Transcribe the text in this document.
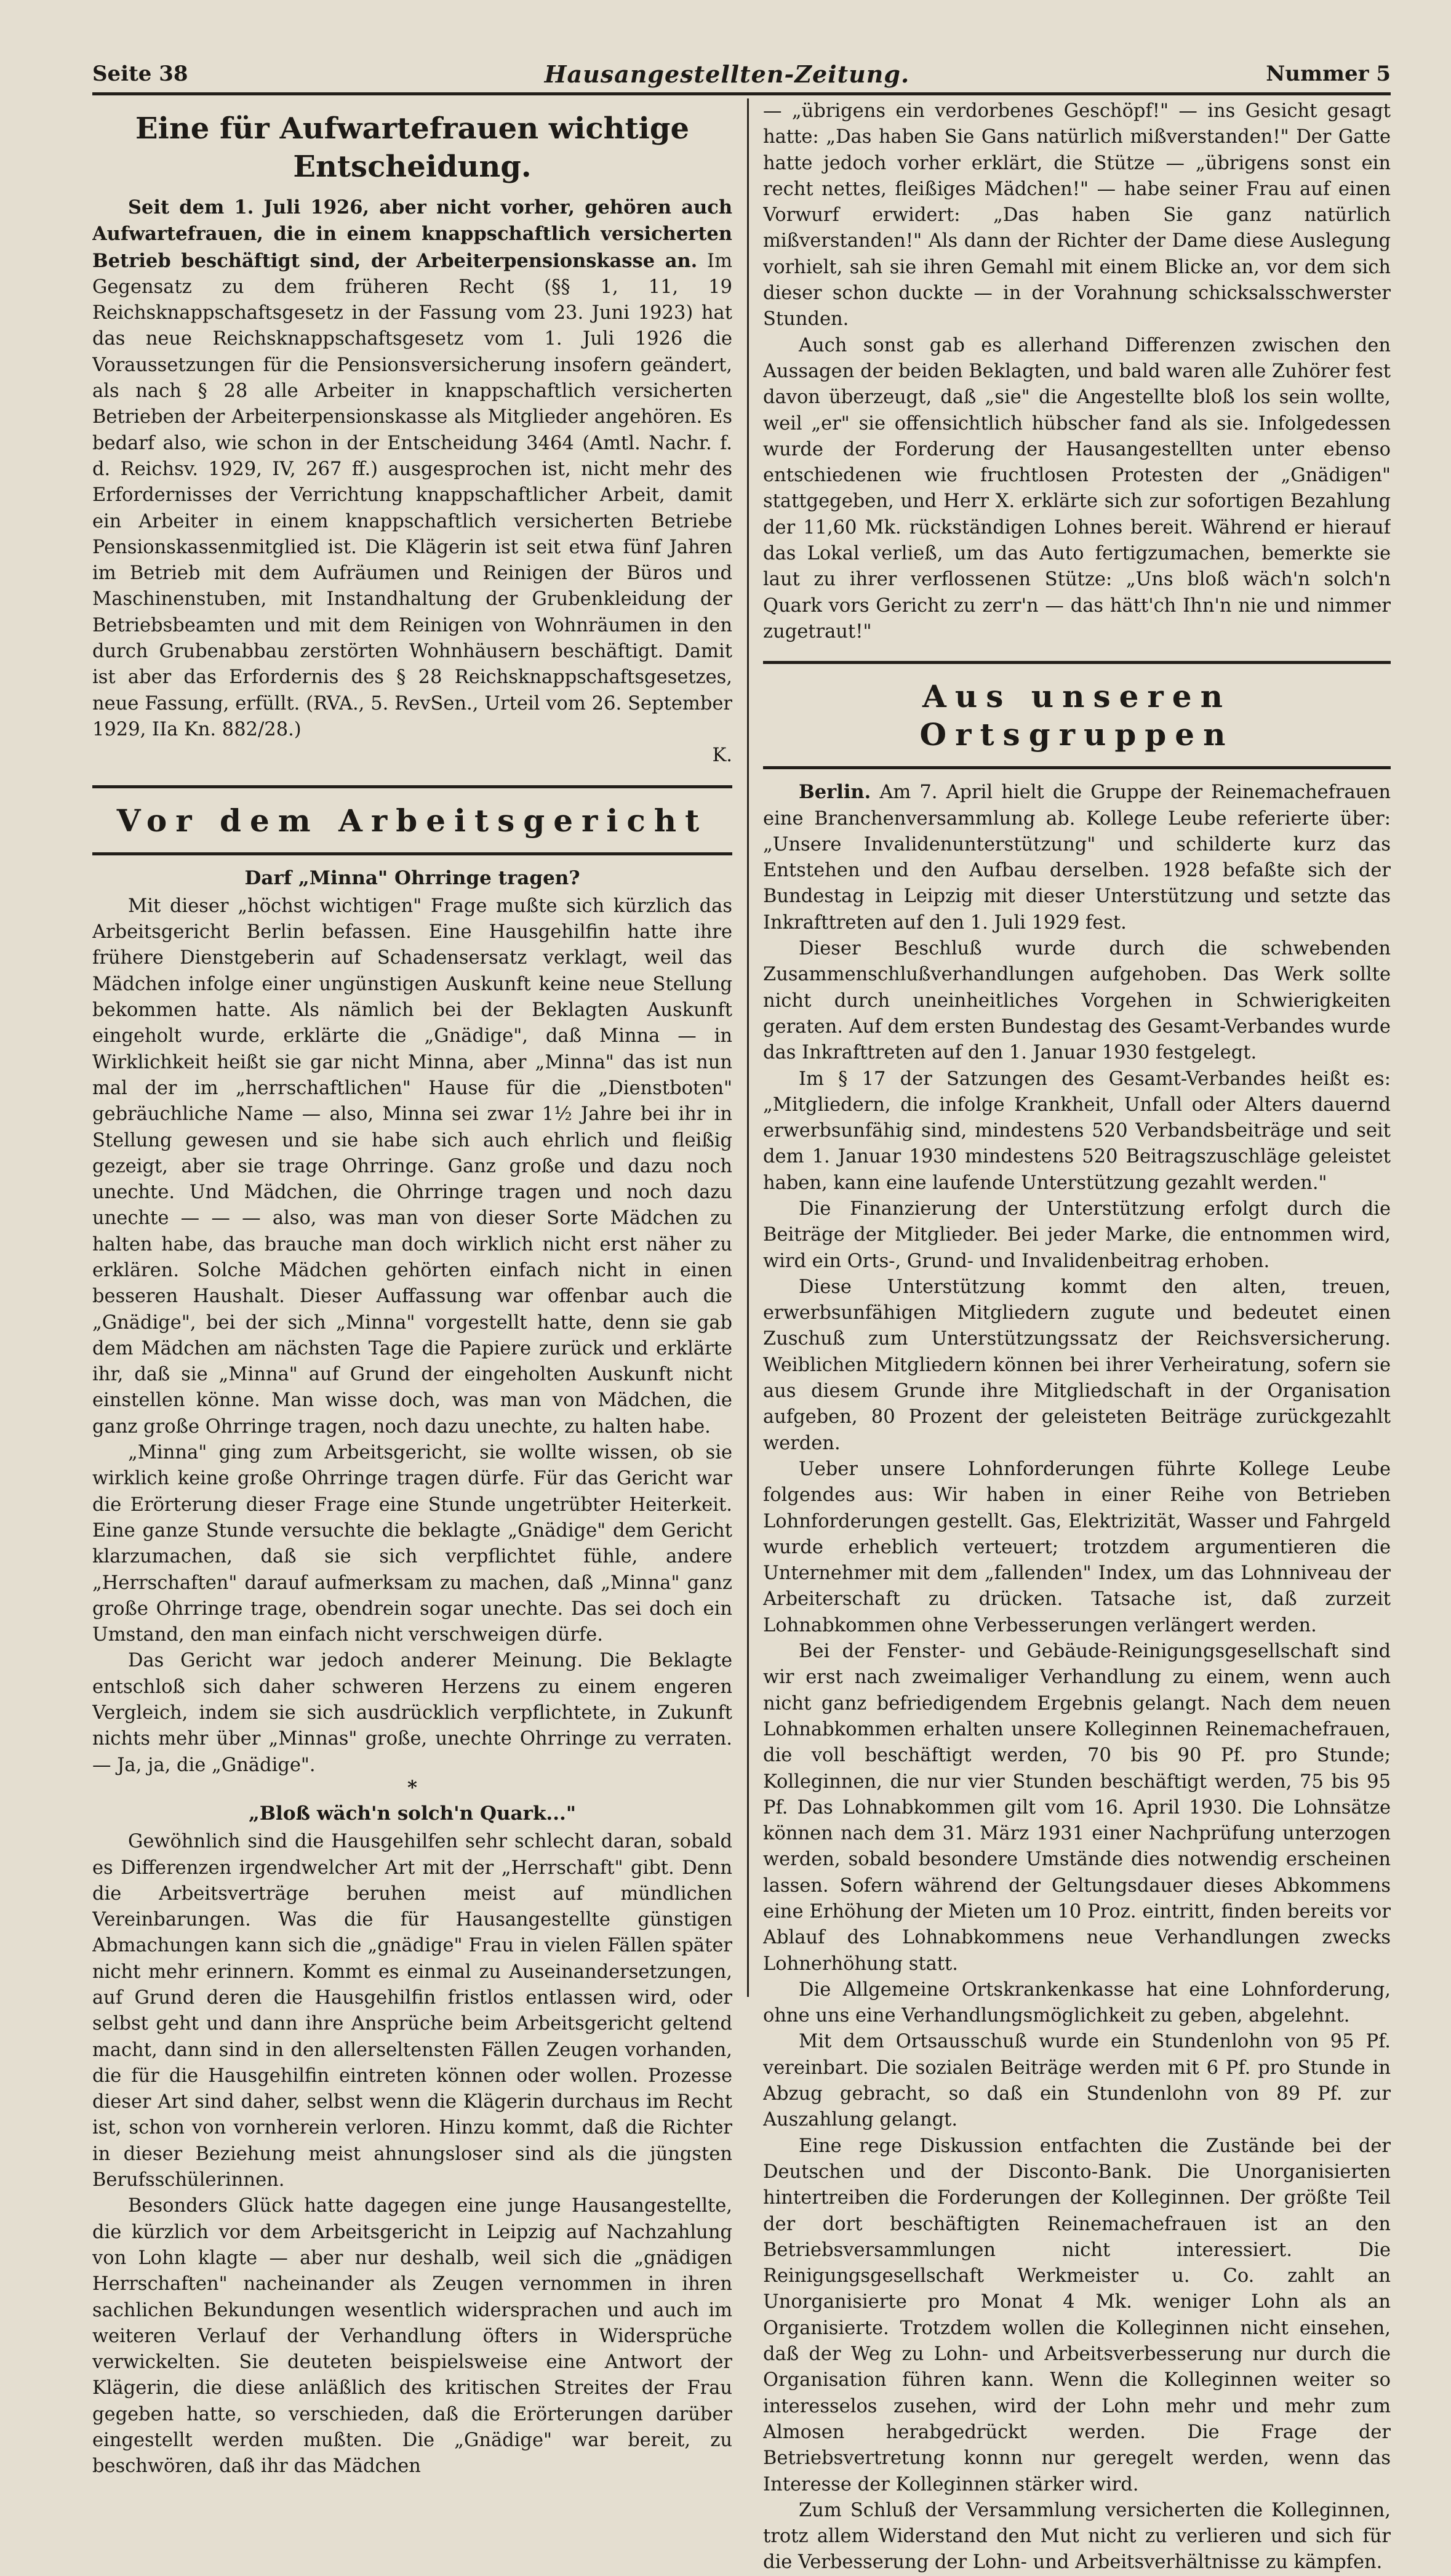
Seite 38	Hausangestellten-Zeitung.	Nummer 5
Eine für Aufwartefrauen wichtige Entscheidung.

Seit dem 1. Juli 1926, aber nicht vorher, gehören auch Aufwartefrauen, die in einem knappschaftlich versicherten Betrieb beschäftigt sind, der Arbeiterpensionskasse an. Im Gegensatz zu dem früheren Recht (§§ 1, 11, 19 Reichsknappschaftsgesetz in der Fassung vom 23. Juni 1923) hat das neue Reichsknappschaftsgesetz vom 1. Juli 1926 die Voraussetzungen für die Pensionsversicherung insofern geändert, als nach § 28 alle Arbeiter in knappschaftlich versicherten Betrieben der Arbeiterpensionskasse als Mitglieder angehören. Es bedarf also, wie schon in der Entscheidung 3464 (Amtl. Nachr. f. d. Reichsv. 1929, IV, 267 ff.) ausgesprochen ist, nicht mehr des Erfordernisses der Verrichtung knappschaftlicher Arbeit, damit ein Arbeiter in einem knappschaftlich versicherten Betriebe Pensionskassenmitglied ist. Die Klägerin ist seit etwa fünf Jahren im Betrieb mit dem Aufräumen und Reinigen der Büros und Maschinenstuben, mit Instandhaltung der Grubenkleidung der Betriebsbeamten und mit dem Reinigen von Wohnräumen in den durch Grubenabbau zerstörten Wohnhäusern beschäftigt. Damit ist aber das Erfordernis des § 28 Reichsknappschaftsgesetzes, neue Fassung, erfüllt. (RVA., 5. RevSen., Urteil vom 26. September 1929, IIa Kn. 882/28.)

K.

Vor dem Arbeitsgericht
Darf „Minna" Ohrringe tragen?

Mit dieser „höchst wichtigen" Frage mußte sich kürzlich das Arbeitsgericht Berlin befassen. Eine Hausgehilfin hatte ihre frühere Dienstgeberin auf Schadensersatz verklagt, weil das Mädchen infolge einer ungünstigen Auskunft keine neue Stellung bekommen hatte. Als nämlich bei der Beklagten Auskunft eingeholt wurde, erklärte die „Gnädige", daß Minna — in Wirklichkeit heißt sie gar nicht Minna, aber „Minna" das ist nun mal der im „herrschaftlichen" Hause für die „Dienstboten" gebräuchliche Name — also, Minna sei zwar 1½ Jahre bei ihr in Stellung gewesen und sie habe sich auch ehrlich und fleißig gezeigt, aber sie trage Ohrringe. Ganz große und dazu noch unechte. Und Mädchen, die Ohrringe tragen und noch dazu unechte — — — also, was man von dieser Sorte Mädchen zu halten habe, das brauche man doch wirklich nicht erst näher zu erklären. Solche Mädchen gehörten einfach nicht in einen besseren Haushalt. Dieser Auffassung war offenbar auch die „Gnädige", bei der sich „Minna" vorgestellt hatte, denn sie gab dem Mädchen am nächsten Tage die Papiere zurück und erklärte ihr, daß sie „Minna" auf Grund der eingeholten Auskunft nicht einstellen könne. Man wisse doch, was man von Mädchen, die ganz große Ohrringe tragen, noch dazu unechte, zu halten habe.

„Minna" ging zum Arbeitsgericht, sie wollte wissen, ob sie wirklich keine große Ohrringe tragen dürfe. Für das Gericht war die Erörterung dieser Frage eine Stunde ungetrübter Heiterkeit. Eine ganze Stunde versuchte die beklagte „Gnädige" dem Gericht klarzumachen, daß sie sich verpflichtet fühle, andere „Herrschaften" darauf aufmerksam zu machen, daß „Minna" ganz große Ohrringe trage, obendrein sogar unechte. Das sei doch ein Umstand, den man einfach nicht verschweigen dürfe.

Das Gericht war jedoch anderer Meinung. Die Beklagte entschloß sich daher schweren Herzens zu einem engeren Vergleich, indem sie sich ausdrücklich verpflichtete, in Zukunft nichts mehr über „Minnas" große, unechte Ohrringe zu verraten. — Ja, ja, die „Gnädige".

*
„Bloß wäch'n solch'n Quark..."

Gewöhnlich sind die Hausgehilfen sehr schlecht daran, sobald es Differenzen irgendwelcher Art mit der „Herrschaft" gibt. Denn die Arbeitsverträge beruhen meist auf mündlichen Vereinbarungen. Was die für Hausangestellte günstigen Abmachungen kann sich die „gnädige" Frau in vielen Fällen später nicht mehr erinnern. Kommt es einmal zu Auseinandersetzungen, auf Grund deren die Hausgehilfin fristlos entlassen wird, oder selbst geht und dann ihre Ansprüche beim Arbeitsgericht geltend macht, dann sind in den allerseltensten Fällen Zeugen vorhanden, die für die Hausgehilfin eintreten können oder wollen. Prozesse dieser Art sind daher, selbst wenn die Klägerin durchaus im Recht ist, schon von vornherein verloren. Hinzu kommt, daß die Richter in dieser Beziehung meist ahnungsloser sind als die jüngsten Berufsschülerinnen.

Besonders Glück hatte dagegen eine junge Hausangestellte, die kürzlich vor dem Arbeitsgericht in Leipzig auf Nachzahlung von Lohn klagte — aber nur deshalb, weil sich die „gnädigen Herrschaften" nacheinander als Zeugen vernommen in ihren sachlichen Bekundungen wesentlich widersprachen und auch im weiteren Verlauf der Verhandlung öfters in Widersprüche verwickelten. Sie deuteten beispielsweise eine Antwort der Klägerin, die diese anläßlich des kritischen Streites der Frau gegeben hatte, so verschieden, daß die Erörterungen darüber eingestellt werden mußten. Die „Gnädige" war bereit, zu beschwören, daß ihr das Mädchen

— „übrigens ein verdorbenes Geschöpf!" — ins Gesicht gesagt hatte: „Das haben Sie Gans natürlich mißverstanden!" Der Gatte hatte jedoch vorher erklärt, die Stütze — „übrigens sonst ein recht nettes, fleißiges Mädchen!" — habe seiner Frau auf einen Vorwurf erwidert: „Das haben Sie ganz natürlich mißverstanden!" Als dann der Richter der Dame diese Auslegung vorhielt, sah sie ihren Gemahl mit einem Blicke an, vor dem sich dieser schon duckte — in der Vorahnung schicksalsschwerster Stunden.

Auch sonst gab es allerhand Differenzen zwischen den Aussagen der beiden Beklagten, und bald waren alle Zuhörer fest davon überzeugt, daß „sie" die Angestellte bloß los sein wollte, weil „er" sie offensichtlich hübscher fand als sie. Infolgedessen wurde der Forderung der Hausangestellten unter ebenso entschiedenen wie fruchtlosen Protesten der „Gnädigen" stattgegeben, und Herr X. erklärte sich zur sofortigen Bezahlung der 11,60 Mk. rückständigen Lohnes bereit. Während er hierauf das Lokal verließ, um das Auto fertigzumachen, bemerkte sie laut zu ihrer verflossenen Stütze: „Uns bloß wäch'n solch'n Quark vors Gericht zu zerr'n — das hätt'ch Ihn'n nie und nimmer zugetraut!"

Aus unseren Ortsgruppen

Berlin. Am 7. April hielt die Gruppe der Reinemachefrauen eine Branchenversammlung ab. Kollege Leube referierte über: „Unsere Invalidenunterstützung" und schilderte kurz das Entstehen und den Aufbau derselben. 1928 befaßte sich der Bundestag in Leipzig mit dieser Unterstützung und setzte das Inkrafttreten auf den 1. Juli 1929 fest.

Dieser Beschluß wurde durch die schwebenden Zusammenschlußverhandlungen aufgehoben. Das Werk sollte nicht durch uneinheitliches Vorgehen in Schwierigkeiten geraten. Auf dem ersten Bundestag des Gesamt-Verbandes wurde das Inkrafttreten auf den 1. Januar 1930 festgelegt.

Im § 17 der Satzungen des Gesamt-Verbandes heißt es: „Mitgliedern, die infolge Krankheit, Unfall oder Alters dauernd erwerbsunfähig sind, mindestens 520 Verbandsbeiträge und seit dem 1. Januar 1930 mindestens 520 Beitragszuschläge geleistet haben, kann eine laufende Unterstützung gezahlt werden."

Die Finanzierung der Unterstützung erfolgt durch die Beiträge der Mitglieder. Bei jeder Marke, die entnommen wird, wird ein Orts-, Grund- und Invalidenbeitrag erhoben.

Diese Unterstützung kommt den alten, treuen, erwerbsunfähigen Mitgliedern zugute und bedeutet einen Zuschuß zum Unterstützungssatz der Reichsversicherung. Weiblichen Mitgliedern können bei ihrer Verheiratung, sofern sie aus diesem Grunde ihre Mitgliedschaft in der Organisation aufgeben, 80 Prozent der geleisteten Beiträge zurückgezahlt werden.

Ueber unsere Lohnforderungen führte Kollege Leube folgendes aus: Wir haben in einer Reihe von Betrieben Lohnforderungen gestellt. Gas, Elektrizität, Wasser und Fahrgeld wurde erheblich verteuert; trotzdem argumentieren die Unternehmer mit dem „fallenden" Index, um das Lohnniveau der Arbeiterschaft zu drücken. Tatsache ist, daß zurzeit Lohnabkommen ohne Verbesserungen verlängert werden.

Bei der Fenster- und Gebäude-Reinigungsgesellschaft sind wir erst nach zweimaliger Verhandlung zu einem, wenn auch nicht ganz befriedigendem Ergebnis gelangt. Nach dem neuen Lohnabkommen erhalten unsere Kolleginnen Reinemachefrauen, die voll beschäftigt werden, 70 bis 90 Pf. pro Stunde; Kolleginnen, die nur vier Stunden beschäftigt werden, 75 bis 95 Pf. Das Lohnabkommen gilt vom 16. April 1930. Die Lohnsätze können nach dem 31. März 1931 einer Nachprüfung unterzogen werden, sobald besondere Umstände dies notwendig erscheinen lassen. Sofern während der Geltungsdauer dieses Abkommens eine Erhöhung der Mieten um 10 Proz. eintritt, finden bereits vor Ablauf des Lohnabkommens neue Verhandlungen zwecks Lohnerhöhung statt.

Die Allgemeine Ortskrankenkasse hat eine Lohnforderung, ohne uns eine Verhandlungsmöglichkeit zu geben, abgelehnt.

Mit dem Ortsausschuß wurde ein Stundenlohn von 95 Pf. vereinbart. Die sozialen Beiträge werden mit 6 Pf. pro Stunde in Abzug gebracht, so daß ein Stundenlohn von 89 Pf. zur Auszahlung gelangt.

Eine rege Diskussion entfachten die Zustände bei der Deutschen und der Disconto-Bank. Die Unorganisierten hintertreiben die Forderungen der Kolleginnen. Der größte Teil der dort beschäftigten Reinemachefrauen ist an den Betriebsversammlungen nicht interessiert. Die Reinigungsgesellschaft Werkmeister u. Co. zahlt an Unorganisierte pro Monat 4 Mk. weniger Lohn als an Organisierte. Trotzdem wollen die Kolleginnen nicht einsehen, daß der Weg zu Lohn- und Arbeitsverbesserung nur durch die Organisation führen kann. Wenn die Kolleginnen weiter so interesselos zusehen, wird der Lohn mehr und mehr zum Almosen herabgedrückt werden. Die Frage der Betriebsvertretung konnn nur geregelt werden, wenn das Interesse der Kolleginnen stärker wird.

Zum Schluß der Versammlung versicherten die Kolleginnen, trotz allem Widerstand den Mut nicht zu verlieren und sich für die Verbesserung der Lohn- und Arbeitsverhältnisse zu kämpfen.
